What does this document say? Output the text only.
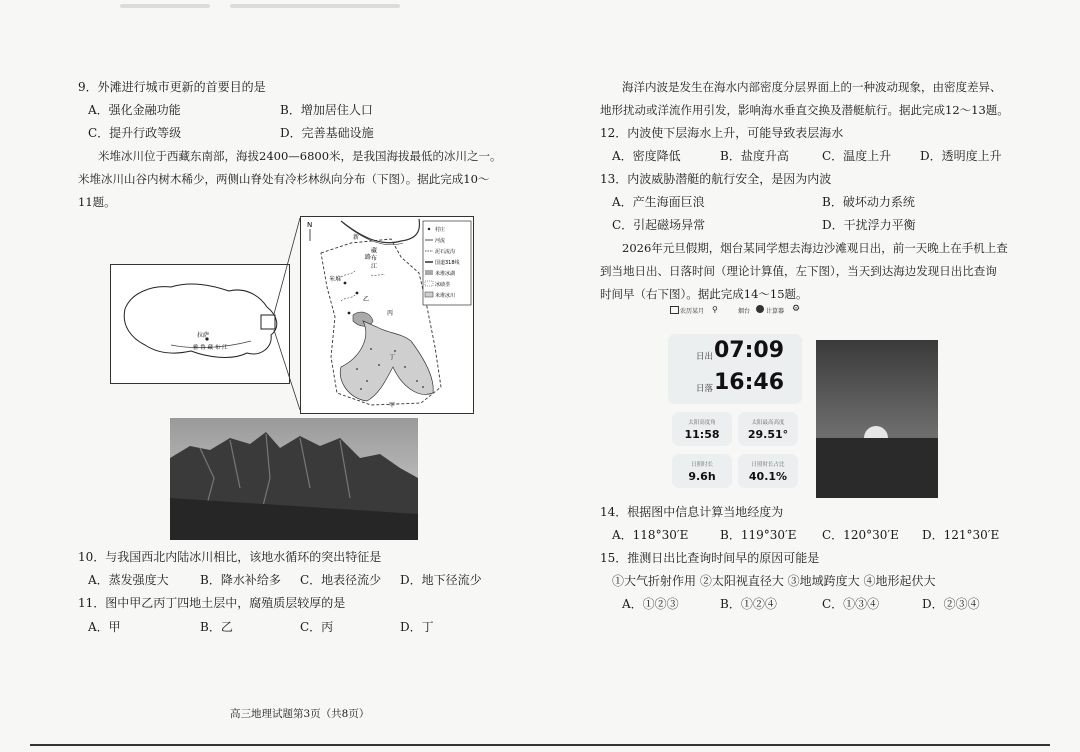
9．外滩进行城市更新的首要目的是
A．强化金融功能	B．增加居住人口
C．提升行政等级	D．完善基础设施
米堆冰川位于西藏东南部，海拔2400—6800米，是我国海拔最低的冰川之一。
米堆冰川山谷内树木稀少，两侧山脊处有冷杉林纵向分布（下图）。据此完成10～
11题。
拉萨
雅 鲁 藏 布 江
N
新
路
藏 布 江
米堆
乙
丙
丁
甲
村庄
河流
泥石流沟
国道318线
米堆冰湖
冰碛垄
米堆冰川
10．与我国西北内陆冰川相比，该地水循环的突出特征是
A．蒸发强度大	B．降水补给多 C．地表径流少 D．地下径流少
11．图中甲乙丙丁四地土层中，腐殖质层较厚的是
A．甲	B．乙	C．丙	D．丁
高三地理试题第3页（共8页）
海洋内波是发生在海水内部密度分层界面上的一种波动现象，由密度差异、
地形扰动或洋流作用引发，影响海水垂直交换及潜艇航行。据此完成12～13题。
12．内波使下层海水上升，可能导致表层海水
A．密度降低	B．盐度升高	C．温度上升 D．透明度上升
13．内波威胁潜艇的航行安全，是因为内波
A．产生海面巨浪	B．破坏动力系统
C．引起磁场异常	D．干扰浮力平衡
2026年元旦假期，烟台某同学想去海边沙滩观日出，前一天晚上在手机上查
到当地日出、日落时间（理论计算值，左下图），当天到达海边发现日出比查询
时间早（右下图）。据此完成14～15题。
农历某月 ⚲	烟台	计算器 ⚙
日出 07:09
日落 16:46
太阳高度角
11:58
太阳最高高度
29.51°
日照时长
9.6h
日照时长占比
40.1%
14．根据图中信息计算当地经度为
A．118°30′E	B．119°30′E C．120°30′E D．121°30′E
15．推测日出比查询时间早的原因可能是
①大气折射作用 ②太阳视直径大 ③地域跨度大 ④地形起伏大
A．①②③	B．①②④	C．①③④	D．②③④
